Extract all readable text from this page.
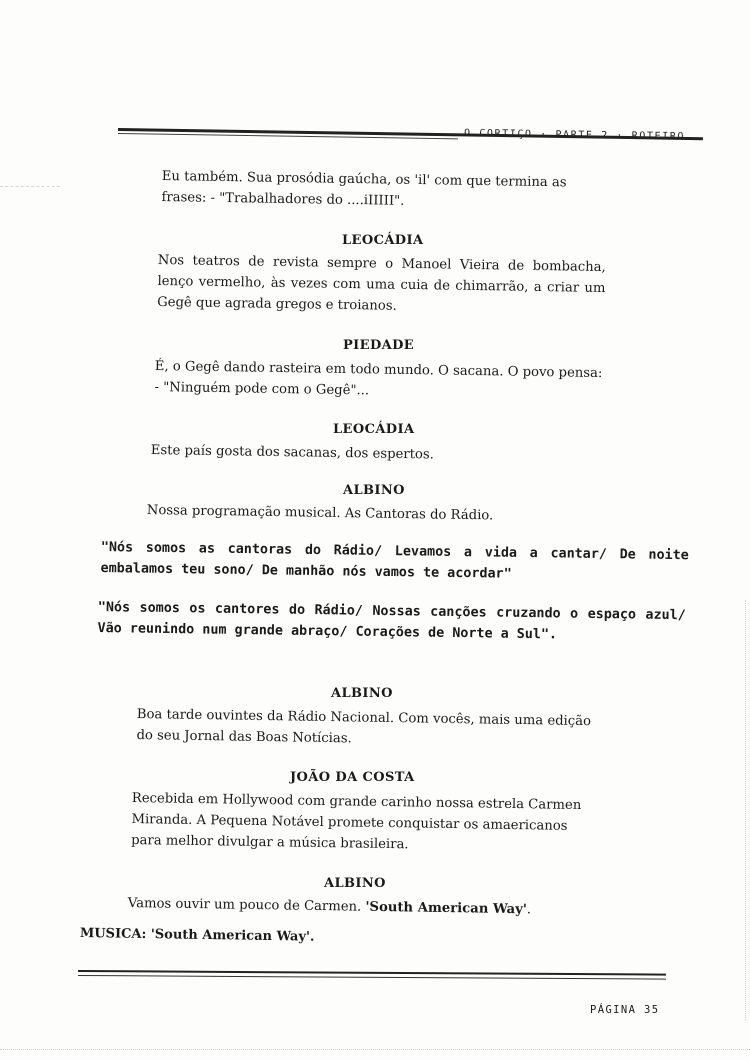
O CORTIÇO · PARTE 2 · ROTEIRO

Eu também. Sua prosódia gaúcha, os 'il' com que termina as frases: - "Trabalhadores do ....iIIIII".

LEOCÁDIA

Nos teatros de revista sempre o Manoel Vieira de bombacha, lenço vermelho, às vezes com uma cuia de chimarrão, a criar um Gegê que agrada gregos e troianos.

PIEDADE

É, o Gegê dando rasteira em todo mundo. O sacana. O povo pensa: - "Ninguém pode com o Gegê"...

LEOCÁDIA

Este país gosta dos sacanas, dos espertos.

ALBINO

Nossa programação musical. As Cantoras do Rádio.

"Nós somos as cantoras do Rádio/ Levamos a vida a cantar/ De noite embalamos teu sono/ De manhão nós vamos te acordar"

"Nós somos os cantores do Rádio/ Nossas canções cruzando o espaço azul/ Vão reunindo num grande abraço/ Corações de Norte a Sul".

ALBINO

Boa tarde ouvintes da Rádio Nacional. Com vocês, mais uma edição do seu Jornal das Boas Notícias.

JOÃO DA COSTA

Recebida em Hollywood com grande carinho nossa estrela Carmen Miranda. A Pequena Notável promete conquistar os amaericanos para melhor divulgar a música brasileira.

ALBINO

Vamos ouvir um pouco de Carmen. 'South American Way'.

MUSICA: 'South American Way'.
PÁGINA 35
